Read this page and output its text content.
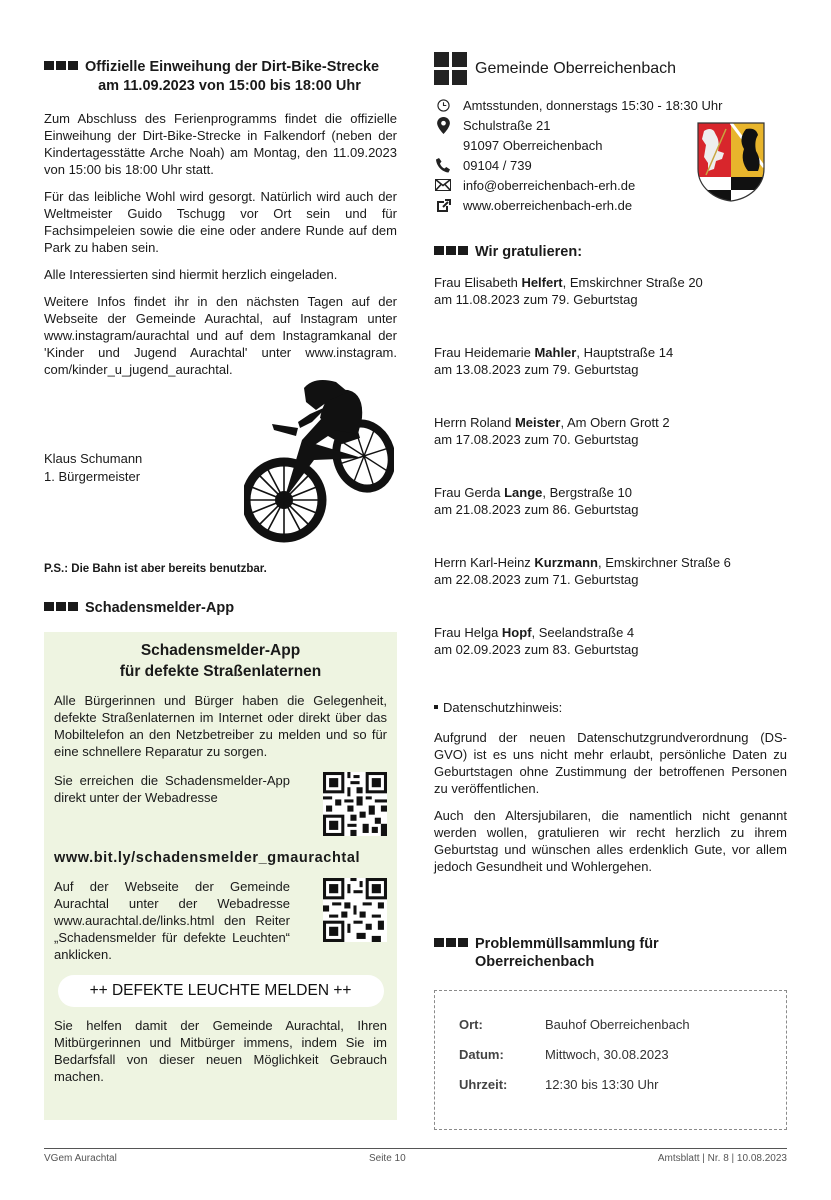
Offizielle Einweihung der Dirt-Bike-Strecke
am 11.09.2023 von 15:00 bis 18:00 Uhr

Zum Abschluss des Ferienprogramms findet die offizielle Einweihung der Dirt-Bike-Strecke in Falkendorf (neben der Kindertagesstätte Arche Noah) am Montag, den 11.09.2023 von 15:00 bis 18:00 Uhr statt.

Für das leibliche Wohl wird gesorgt. Natürlich wird auch der Weltmeister Guido Tschugg vor Ort sein und für Fachsimpeleien sowie die eine oder andere Runde auf dem Park zu haben sein.

Alle Interessierten sind hiermit herzlich eingeladen.

Weitere Infos findet ihr in den nächsten Tagen auf der Webseite der Gemeinde Aurachtal, auf Instagram unter www.instagram/aurachtal und auf dem Instagramkanal der 'Kinder und Jugend Aurachtal' unter www.instagram. com/kinder_u_jugend_aurachtal.

Klaus Schumann
1. Bürgermeister
P.S.: Die Bahn ist aber bereits benutzbar.
Schadensmelder-App
Schadensmelder-App
für defekte Straßenlaternen

Alle Bürgerinnen und Bürger haben die Gelegenheit, defekte Straßenlaternen im Internet oder direkt über das Mobiltelefon an den Netzbetreiber zu melden und so für eine schnellere Reparatur zu sorgen.

Sie erreichen die Schadensmelder-App direkt unter der Webadresse

www.bit.ly/schadensmelder_gmaurachtal

Auf der Webseite der Gemeinde Aurachtal unter der Webadresse www.aurachtal.de/links.html den Reiter „Schadensmelder für defekte Leuchten“ anklicken.

++ DEFEKTE LEUCHTE MELDEN ++

Sie helfen damit der Gemeinde Aurachtal, Ihren Mitbürgerinnen und Mitbürger immens, indem Sie im Bedarfsfall von dieser neuen Möglichkeit Gebrauch machen.

Gemeinde Oberreichenbach
Amtsstunden, donnerstags 15:30 - 18:30 Uhr
Schulstraße 21
91097 Oberreichenbach
09104 / 739
info@oberreichenbach-erh.de
www.oberreichenbach-erh.de
Wir gratulieren:
Frau Elisabeth Helfert, Emskirchner Straße 20
am 11.08.2023 zum 79. Geburtstag
Frau Heidemarie Mahler, Hauptstraße 14
am 13.08.2023 zum 79. Geburtstag
Herrn Roland Meister, Am Obern Grott 2
am 17.08.2023 zum 70. Geburtstag
Frau Gerda Lange, Bergstraße 10
am 21.08.2023 zum 86. Geburtstag
Herrn Karl-Heinz Kurzmann, Emskirchner Straße 6
am 22.08.2023 zum 71. Geburtstag
Frau Helga Hopf, Seelandstraße 4
am 02.09.2023 zum 83. Geburtstag
Datenschutzhinweis:

Aufgrund der neuen Datenschutzgrundverordnung (DS-GVO) ist es uns nicht mehr erlaubt, persönliche Daten zu Geburtstagen ohne Zustimmung der betroffenen Personen zu veröffentlichen.

Auch den Altersjubilaren, die namentlich nicht genannt werden wollen, gratulieren wir recht herzlich zu ihrem Geburtstag und wünschen alles erdenklich Gute, vor allem jedoch Gesundheit und Wohlergehen.

Problemmüllsammlung für
Oberreichenbach
Ort:	Bauhof Oberreichenbach
Datum:	Mittwoch, 30.08.2023
Uhrzeit:	12:30 bis 13:30 Uhr
VGem Aurachtal	Seite 10	Amtsblatt | Nr. 8 | 10.08.2023
